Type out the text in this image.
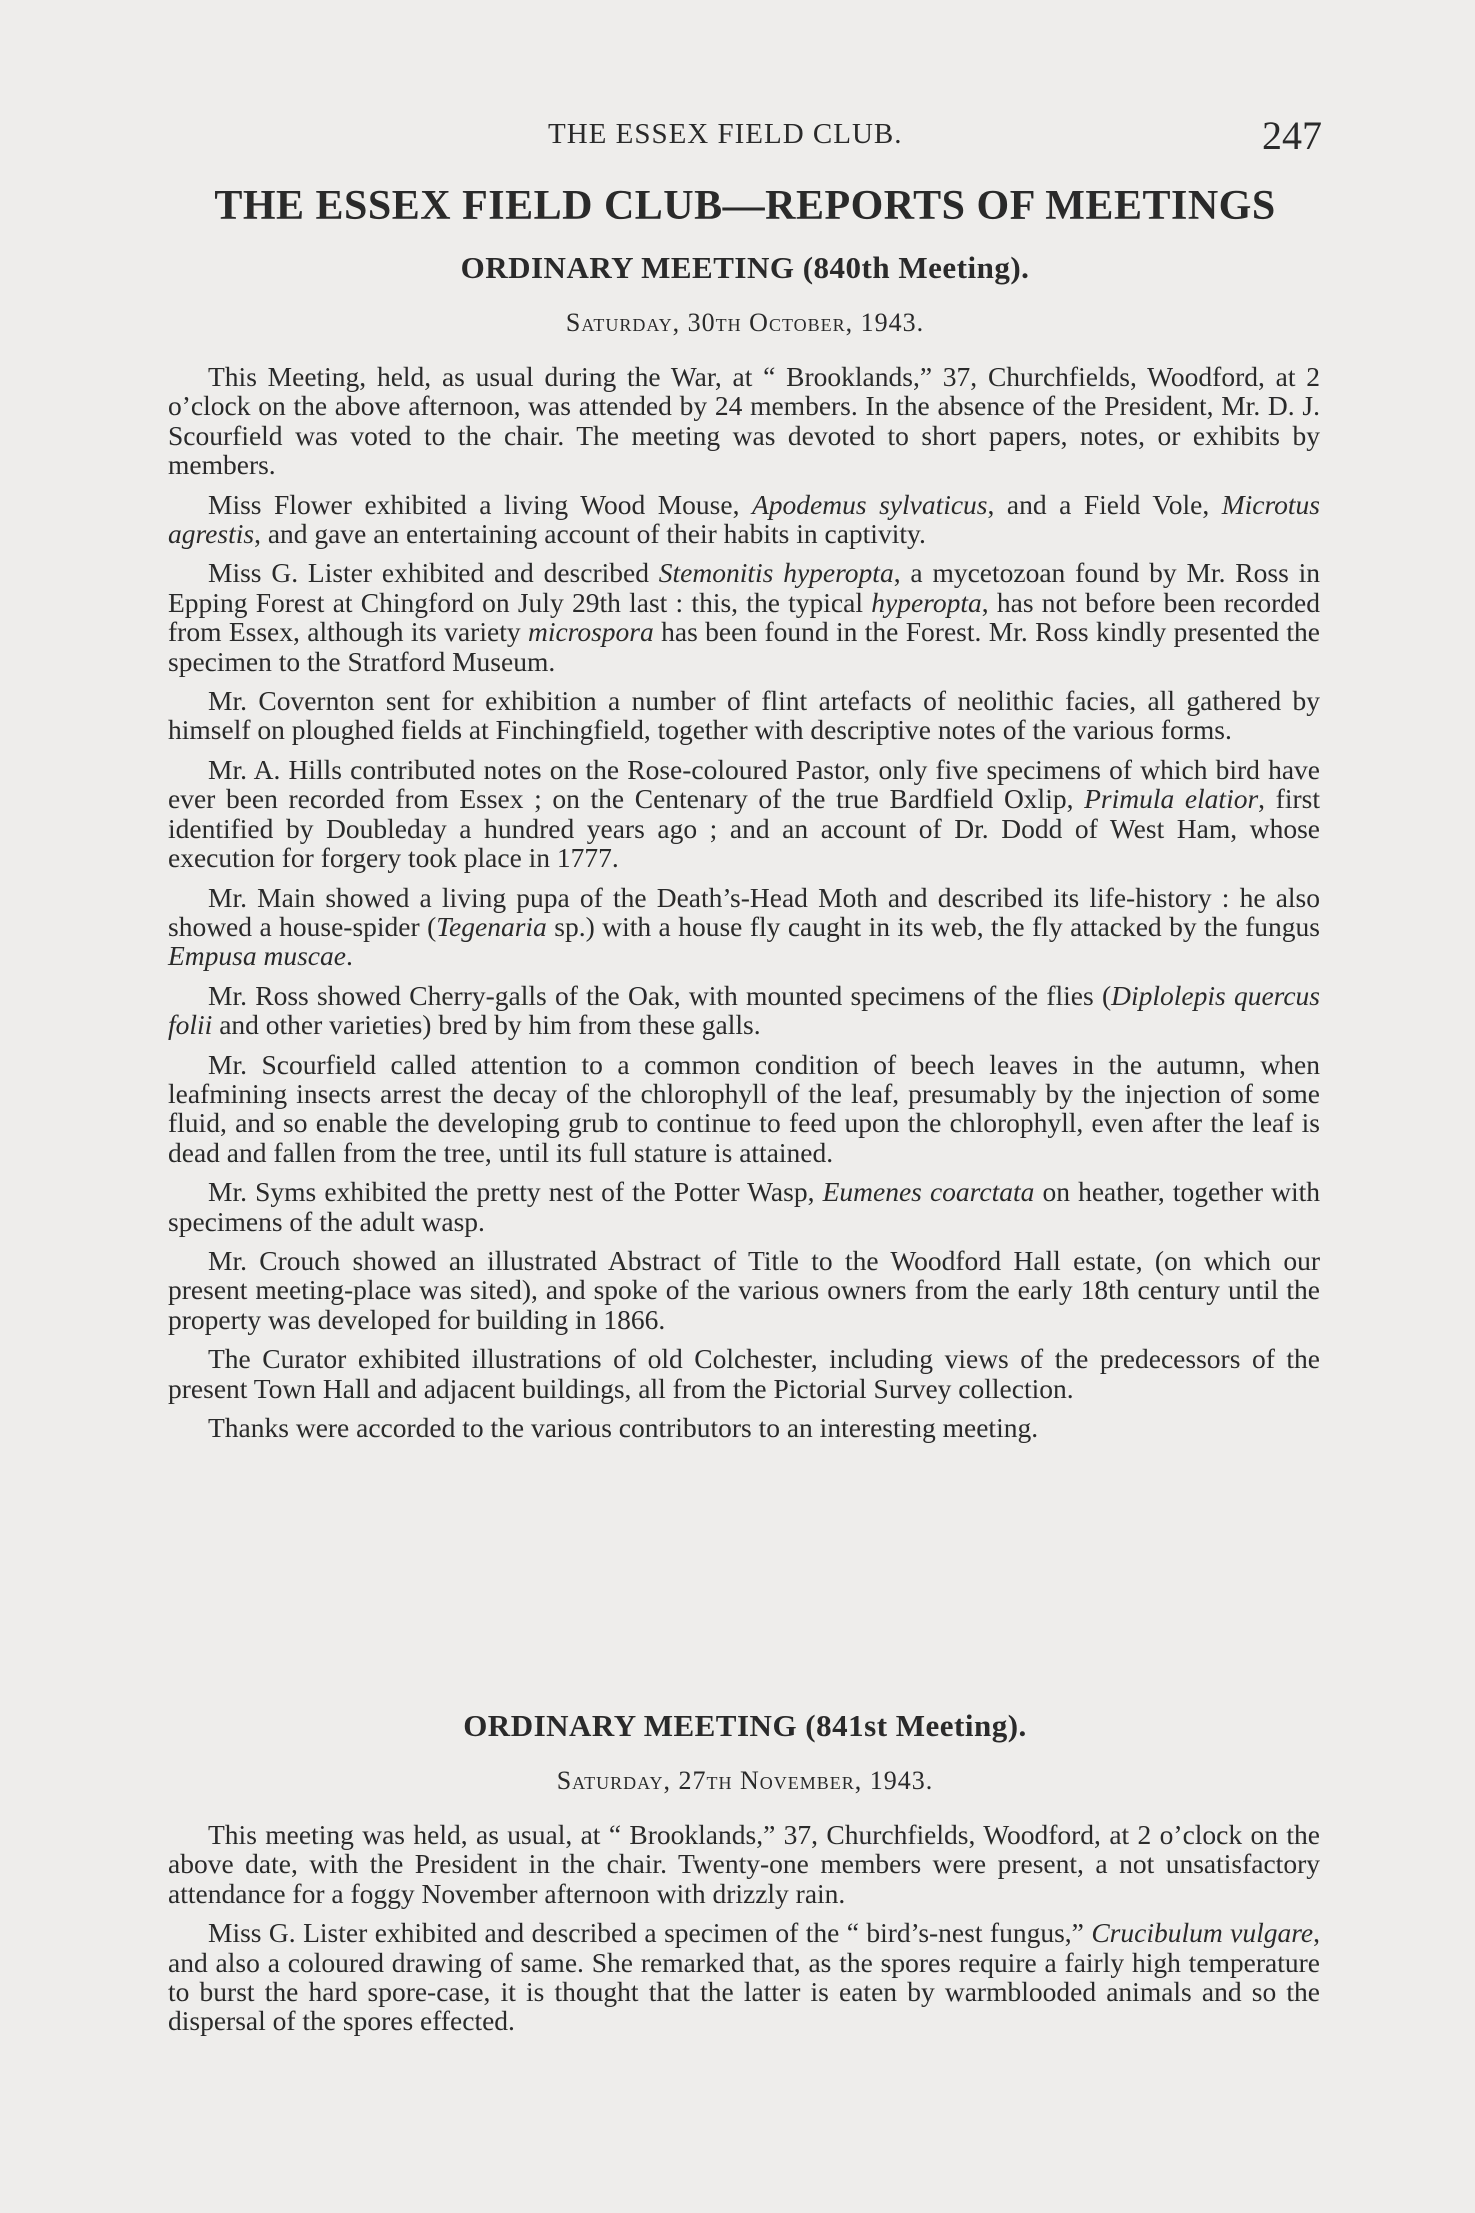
THE ESSEX FIELD CLUB.	247
THE ESSEX FIELD CLUB—REPORTS OF MEETINGS
ORDINARY MEETING (840th Meeting).
Saturday, 30th October, 1943.

This Meeting, held, as usual during the War, at “ Brooklands,” 37, Churchfields, Woodford, at 2 o’clock on the above afternoon, was attended by 24 members. In the absence of the President, Mr. D. J. Scourfield was voted to the chair. The meeting was devoted to short papers, notes, or exhibits by members.

Miss Flower exhibited a living Wood Mouse, Apodemus sylvaticus, and a Field Vole, Microtus agrestis, and gave an entertaining account of their habits in captivity.

Miss G. Lister exhibited and described Stemonitis hyperopta, a mycetozoan found by Mr. Ross in Epping Forest at Chingford on July 29th last : this, the typical hyperopta, has not before been recorded from Essex, although its variety microspora has been found in the Forest. Mr. Ross kindly presented the specimen to the Stratford Museum.

Mr. Covernton sent for exhibition a number of flint artefacts of neolithic facies, all gathered by himself on ploughed fields at Finchingfield, together with descriptive notes of the various forms.

Mr. A. Hills contributed notes on the Rose-coloured Pastor, only five specimens of which bird have ever been recorded from Essex ; on the Centenary of the true Bardfield Oxlip, Primula elatior, first identified by Doubleday a hundred years ago ; and an account of Dr. Dodd of West Ham, whose execution for forgery took place in 1777.

Mr. Main showed a living pupa of the Death’s-Head Moth and described its life-history : he also showed a house-spider (Tegenaria sp.) with a house fly caught in its web, the fly attacked by the fungus Empusa muscae.

Mr. Ross showed Cherry-galls of the Oak, with mounted specimens of the flies (Diplolepis quercus folii and other varieties) bred by him from these galls.

Mr. Scourfield called attention to a common condition of beech leaves in the autumn, when leafmining insects arrest the decay of the chlorophyll of the leaf, presumably by the injection of some fluid, and so enable the developing grub to continue to feed upon the chlorophyll, even after the leaf is dead and fallen from the tree, until its full stature is attained.

Mr. Syms exhibited the pretty nest of the Potter Wasp, Eumenes coarctata on heather, together with specimens of the adult wasp.

Mr. Crouch showed an illustrated Abstract of Title to the Woodford Hall estate, (on which our present meeting-place was sited), and spoke of the various owners from the early 18th century until the property was developed for building in 1866.

The Curator exhibited illustrations of old Colchester, including views of the predecessors of the present Town Hall and adjacent buildings, all from the Pictorial Survey collection.

Thanks were accorded to the various contributors to an interesting meeting.

ORDINARY MEETING (841st Meeting).
Saturday, 27th November, 1943.

This meeting was held, as usual, at “ Brooklands,” 37, Churchfields, Woodford, at 2 o’clock on the above date, with the President in the chair. Twenty-one members were present, a not unsatisfactory attendance for a foggy November afternoon with drizzly rain.

Miss G. Lister exhibited and described a specimen of the “ bird’s-nest fungus,” Crucibulum vulgare, and also a coloured drawing of same. She remarked that, as the spores require a fairly high temperature to burst the hard spore-case, it is thought that the latter is eaten by warmblooded animals and so the dispersal of the spores effected.
